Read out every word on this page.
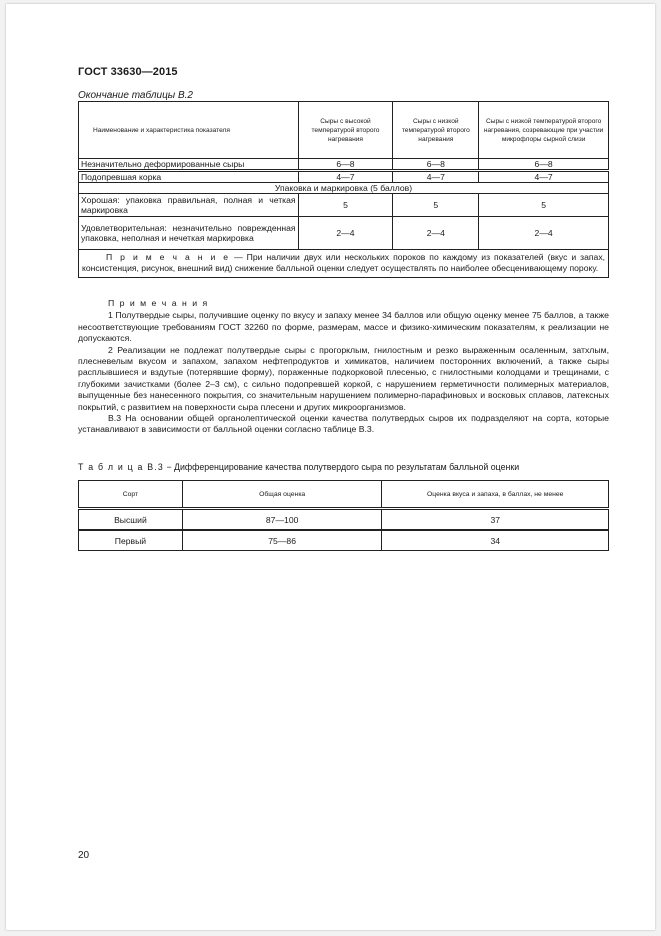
ГОСТ 33630—2015
Окончание таблицы В.2
Наименование и характеристика показателя	Сыры с высокой температурой второго нагревания	Сыры с низкой температурой второго нагревания	Сыры с низкой температурой второго нагревания, созревающие при участии микрофлоры сырной слизи
Незначительно деформированные сыры	6—8	6—8	6—8
Подопревшая корка	4—7	4—7	4—7
Упаковка и маркировка (5 баллов)			
Хорошая: упаковка правильная, полная и четкая маркировка	5	5	5
Удовлетворительная: незначительно поврежденная упаковка, неполная и нечеткая маркировка	2—4	2—4	2—4
П р и м е ч а н и е — При наличии двух или нескольких пороков по каждому из показателей (вкус и запах, консистенция, рисунок, внешний вид) снижение балльной оценки следует осуществлять по наиболее обесценивающему пороку.			

П р и м е ч а н и я

1 Полутвердые сыры, получившие оценку по вкусу и запаху менее 34 баллов или общую оценку менее 75 баллов, а также несоответствующие требованиям ГОСТ 32260 по форме, размерам, массе и физико-химическим показателям, к реализации не допускаются.

2 Реализации не подлежат полутвердые сыры с прогорклым, гнилостным и резко выраженным осаленным, затхлым, плесневелым вкусом и запахом, запахом нефтепродуктов и химикатов, наличием посторонних включений, а также сыры расплывшиеся и вздутые (потерявшие форму), пораженные подкорковой плесенью, с гнилостными колодцами и трещинами, с глубокими зачистками (более 2–3 см), с сильно подопревшей коркой, с нарушением герметичности полимерных материалов, выпущенные без нанесенного покрытия, со значительным нарушением полимерно-парафиновых и восковых сплавов, латексных покрытий, с развитием на поверхности сыра плесени и других микроорганизмов.

В.3 На основании общей органолептической оценки качества полутвердых сыров их подразделяют на сорта, которые устанавливают в зависимости от балльной оценки согласно таблице В.3.

Т а б л и ц а В.3 − Дифференцирование качества полутвердого сыра по результатам балльной оценки
Сорт	Общая оценка	Оценка вкуса и запаха, в баллах, не менее
Высший	87—100	37
Первый	75—86	34
20
